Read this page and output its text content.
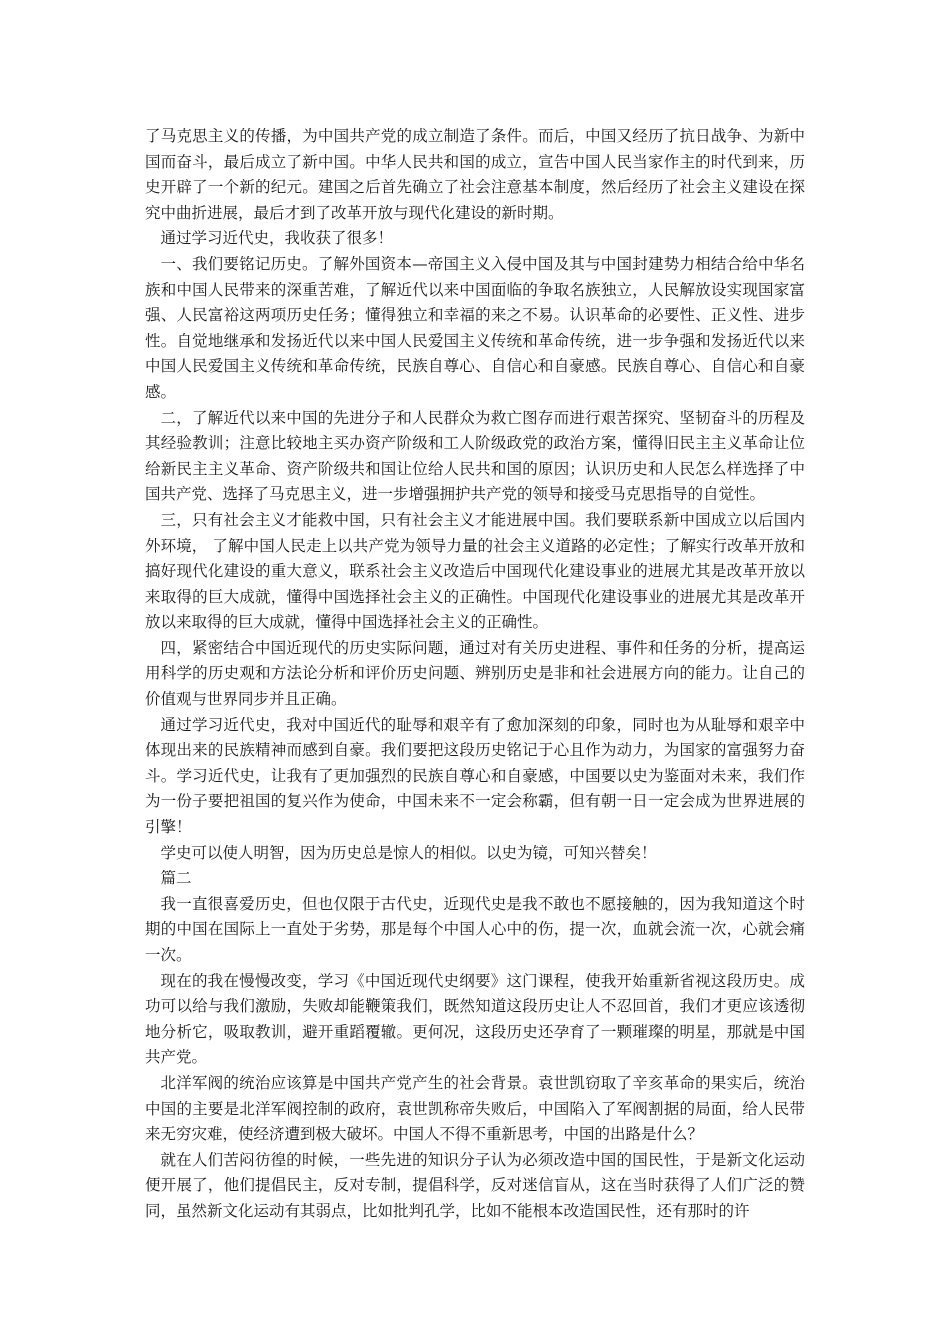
了马克思主义的传播，为中国共产党的成立制造了条件。而后，中国又经历了抗日战争、为新中国而奋斗，最后成立了新中国。中华人民共和国的成立，宣告中国人民当家作主的时代到来，历史开辟了一个新的纪元。建国之后首先确立了社会注意基本制度，然后经历了社会主义建设在探究中曲折进展，最后才到了改革开放与现代化建设的新时期。

通过学习近代史，我收获了很多！

一、我们要铭记历史。了解外国资本—帝国主义入侵中国及其与中国封建势力相结合给中华名族和中国人民带来的深重苦难，了解近代以来中国面临的争取名族独立，人民解放设实现国家富强、人民富裕这两项历史任务；懂得独立和幸福的来之不易。认识革命的必要性、正义性、进步性。自觉地继承和发扬近代以来中国人民爱国主义传统和革命传统，进一步争强和发扬近代以来中国人民爱国主义传统和革命传统，民族自尊心、自信心和自豪感。民族自尊心、自信心和自豪感。

二，了解近代以来中国的先进分子和人民群众为救亡图存而进行艰苦探究、坚韧奋斗的历程及其经验教训；注意比较地主买办资产阶级和工人阶级政党的政治方案，懂得旧民主主义革命让位给新民主主义革命、资产阶级共和国让位给人民共和国的原因；认识历史和人民怎么样选择了中国共产党、选择了马克思主义，进一步增强拥护共产党的领导和接受马克思指导的自觉性。

三，只有社会主义才能救中国，只有社会主义才能进展中国。我们要联系新中国成立以后国内外环境， 了解中国人民走上以共产党为领导力量的社会主义道路的必定性；了解实行改革开放和搞好现代化建设的重大意义，联系社会主义改造后中国现代化建设事业的进展尤其是改革开放以来取得的巨大成就，懂得中国选择社会主义的正确性。中国现代化建设事业的进展尤其是改革开放以来取得的巨大成就，懂得中国选择社会主义的正确性。

四，紧密结合中国近现代的历史实际问题，通过对有关历史进程、事件和任务的分析，提高运用科学的历史观和方法论分析和评价历史问题、辨别历史是非和社会进展方向的能力。让自己的价值观与世界同步并且正确。

通过学习近代史，我对中国近代的耻辱和艰辛有了愈加深刻的印象，同时也为从耻辱和艰辛中体现出来的民族精神而感到自豪。我们要把这段历史铭记于心且作为动力，为国家的富强努力奋斗。学习近代史，让我有了更加强烈的民族自尊心和自豪感，中国要以史为鉴面对未来，我们作为一份子要把祖国的复兴作为使命，中国未来不一定会称霸，但有朝一日一定会成为世界进展的引擎！

学史可以使人明智，因为历史总是惊人的相似。以史为镜，可知兴替矣！

篇二

我一直很喜爱历史，但也仅限于古代史，近现代史是我不敢也不愿接触的，因为我知道这个时期的中国在国际上一直处于劣势，那是每个中国人心中的伤，提一次，血就会流一次，心就会痛一次。

现在的我在慢慢改变，学习《中国近现代史纲要》这门课程，使我开始重新省视这段历史。成功可以给与我们激励，失败却能鞭策我们，既然知道这段历史让人不忍回首，我们才更应该透彻地分析它，吸取教训，避开重蹈覆辙。更何况，这段历史还孕育了一颗璀璨的明星，那就是中国共产党。

北洋军阀的统治应该算是中国共产党产生的社会背景。袁世凯窃取了辛亥革命的果实后，统治中国的主要是北洋军阀控制的政府，袁世凯称帝失败后，中国陷入了军阀割据的局面，给人民带来无穷灾难，使经济遭到极大破坏。中国人不得不重新思考，中国的出路是什么？

就在人们苦闷彷徨的时候，一些先进的知识分子认为必须改造中国的国民性，于是新文化运动便开展了，他们提倡民主，反对专制，提倡科学，反对迷信盲从，这在当时获得了人们广泛的赞同，虽然新文化运动有其弱点，比如批判孔学，比如不能根本改造国民性，还有那时的许
